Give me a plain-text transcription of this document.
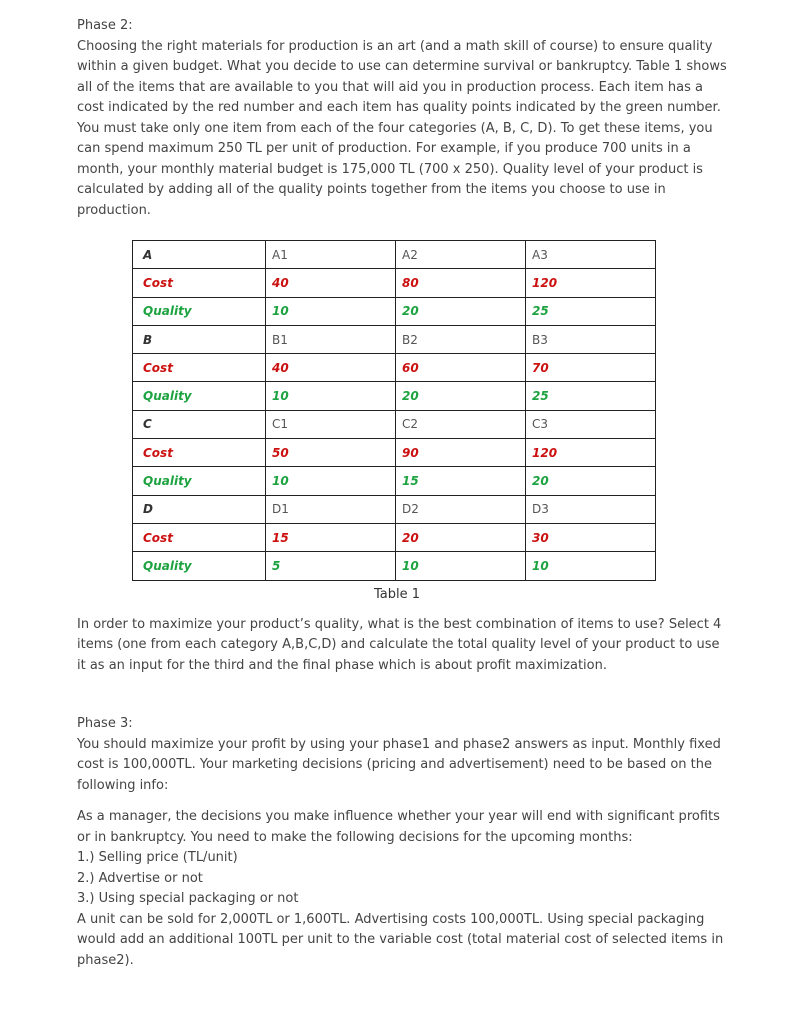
Phase 2:

Choosing the right materials for production is an art (and a math skill of course) to ensure quality within a given budget. What you decide to use can determine survival or bankruptcy. Table 1 shows all of the items that are available to you that will aid you in production process. Each item has a cost indicated by the red number and each item has quality points indicated by the green number. You must take only one item from each of the four categories (A, B, C, D). To get these items, you can spend maximum 250 TL per unit of production. For example, if you produce 700 units in a month, your monthly material budget is 175,000 TL (700 x 250). Quality level of your product is calculated by adding all of the quality points together from the items you choose to use in production.

A	A1	A2	A3
Cost	40	80	120
Quality	10	20	25
B	B1	B2	B3
Cost	40	60	70
Quality	10	20	25
C	C1	C2	C3
Cost	50	90	120
Quality	10	15	20
D	D1	D2	D3
Cost	15	20	30
Quality	5	10	10

Table 1

In order to maximize your product’s quality, what is the best combination of items to use? Select 4 items (one from each category A,B,C,D) and calculate the total quality level of your product to use it as an input for the third and the final phase which is about profit maximization.

Phase 3:

You should maximize your profit by using your phase1 and phase2 answers as input. Monthly fixed cost is 100,000TL. Your marketing decisions (pricing and advertisement) need to be based on the following info:

As a manager, the decisions you make influence whether your year will end with significant profits or in bankruptcy. You need to make the following decisions for the upcoming months:

1.) Selling price (TL/unit)

2.) Advertise or not

3.) Using special packaging or not

A unit can be sold for 2,000TL or 1,600TL. Advertising costs 100,000TL. Using special packaging would add an additional 100TL per unit to the variable cost (total material cost of selected items in phase2).
